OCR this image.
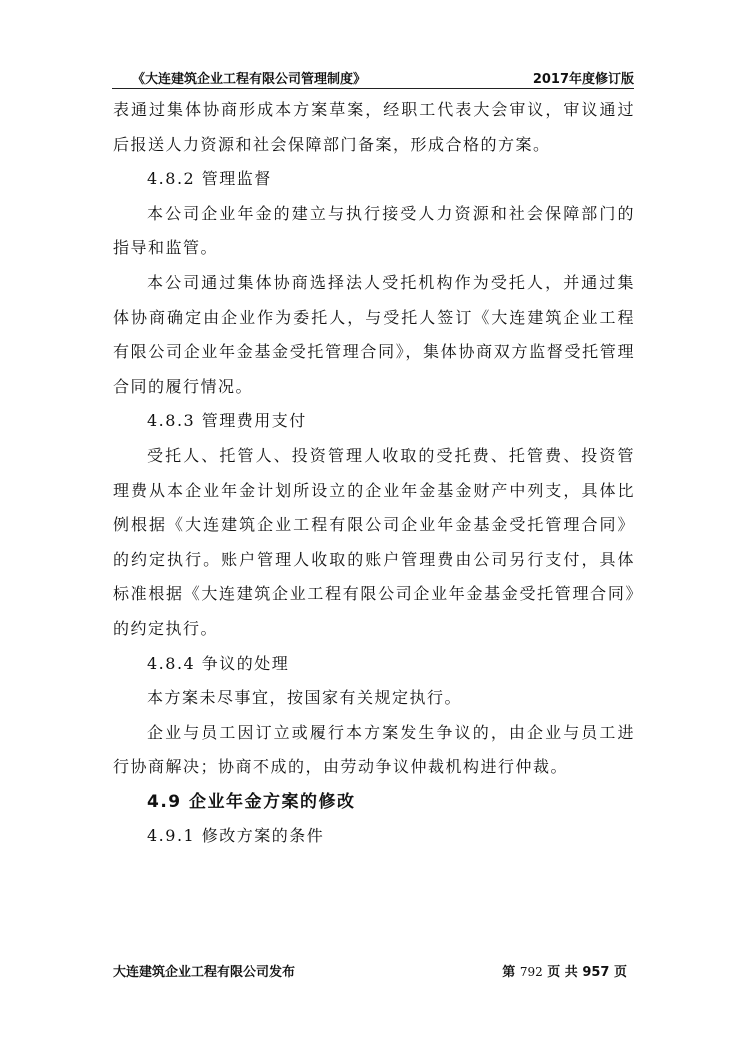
《大连建筑企业工程有限公司管理制度》	2017年度修订版

表通过集体协商形成本方案草案，经职工代表大会审议，审议通过后报送人力资源和社会保障部门备案，形成合格的方案。

4.8.2 管理监督

本公司企业年金的建立与执行接受人力资源和社会保障部门的指导和监管。

本公司通过集体协商选择法人受托机构作为受托人，并通过集体协商确定由企业作为委托人，与受托人签订《大连建筑企业工程有限公司企业年金基金受托管理合同》，集体协商双方监督受托管理合同的履行情况。

4.8.3 管理费用支付

受托人、托管人、投资管理人收取的受托费、托管费、投资管理费从本企业年金计划所设立的企业年金基金财产中列支，具体比例根据《大连建筑企业工程有限公司企业年金基金受托管理合同》的约定执行。账户管理人收取的账户管理费由公司另行支付，具体标准根据《大连建筑企业工程有限公司企业年金基金受托管理合同》的约定执行。

4.8.4 争议的处理

本方案未尽事宜，按国家有关规定执行。

企业与员工因订立或履行本方案发生争议的，由企业与员工进行协商解决；协商不成的，由劳动争议仲裁机构进行仲裁。

4.9 企业年金方案的修改

4.9.1 修改方案的条件

大连建筑企业工程有限公司发布	第 792 页 共 957 页
